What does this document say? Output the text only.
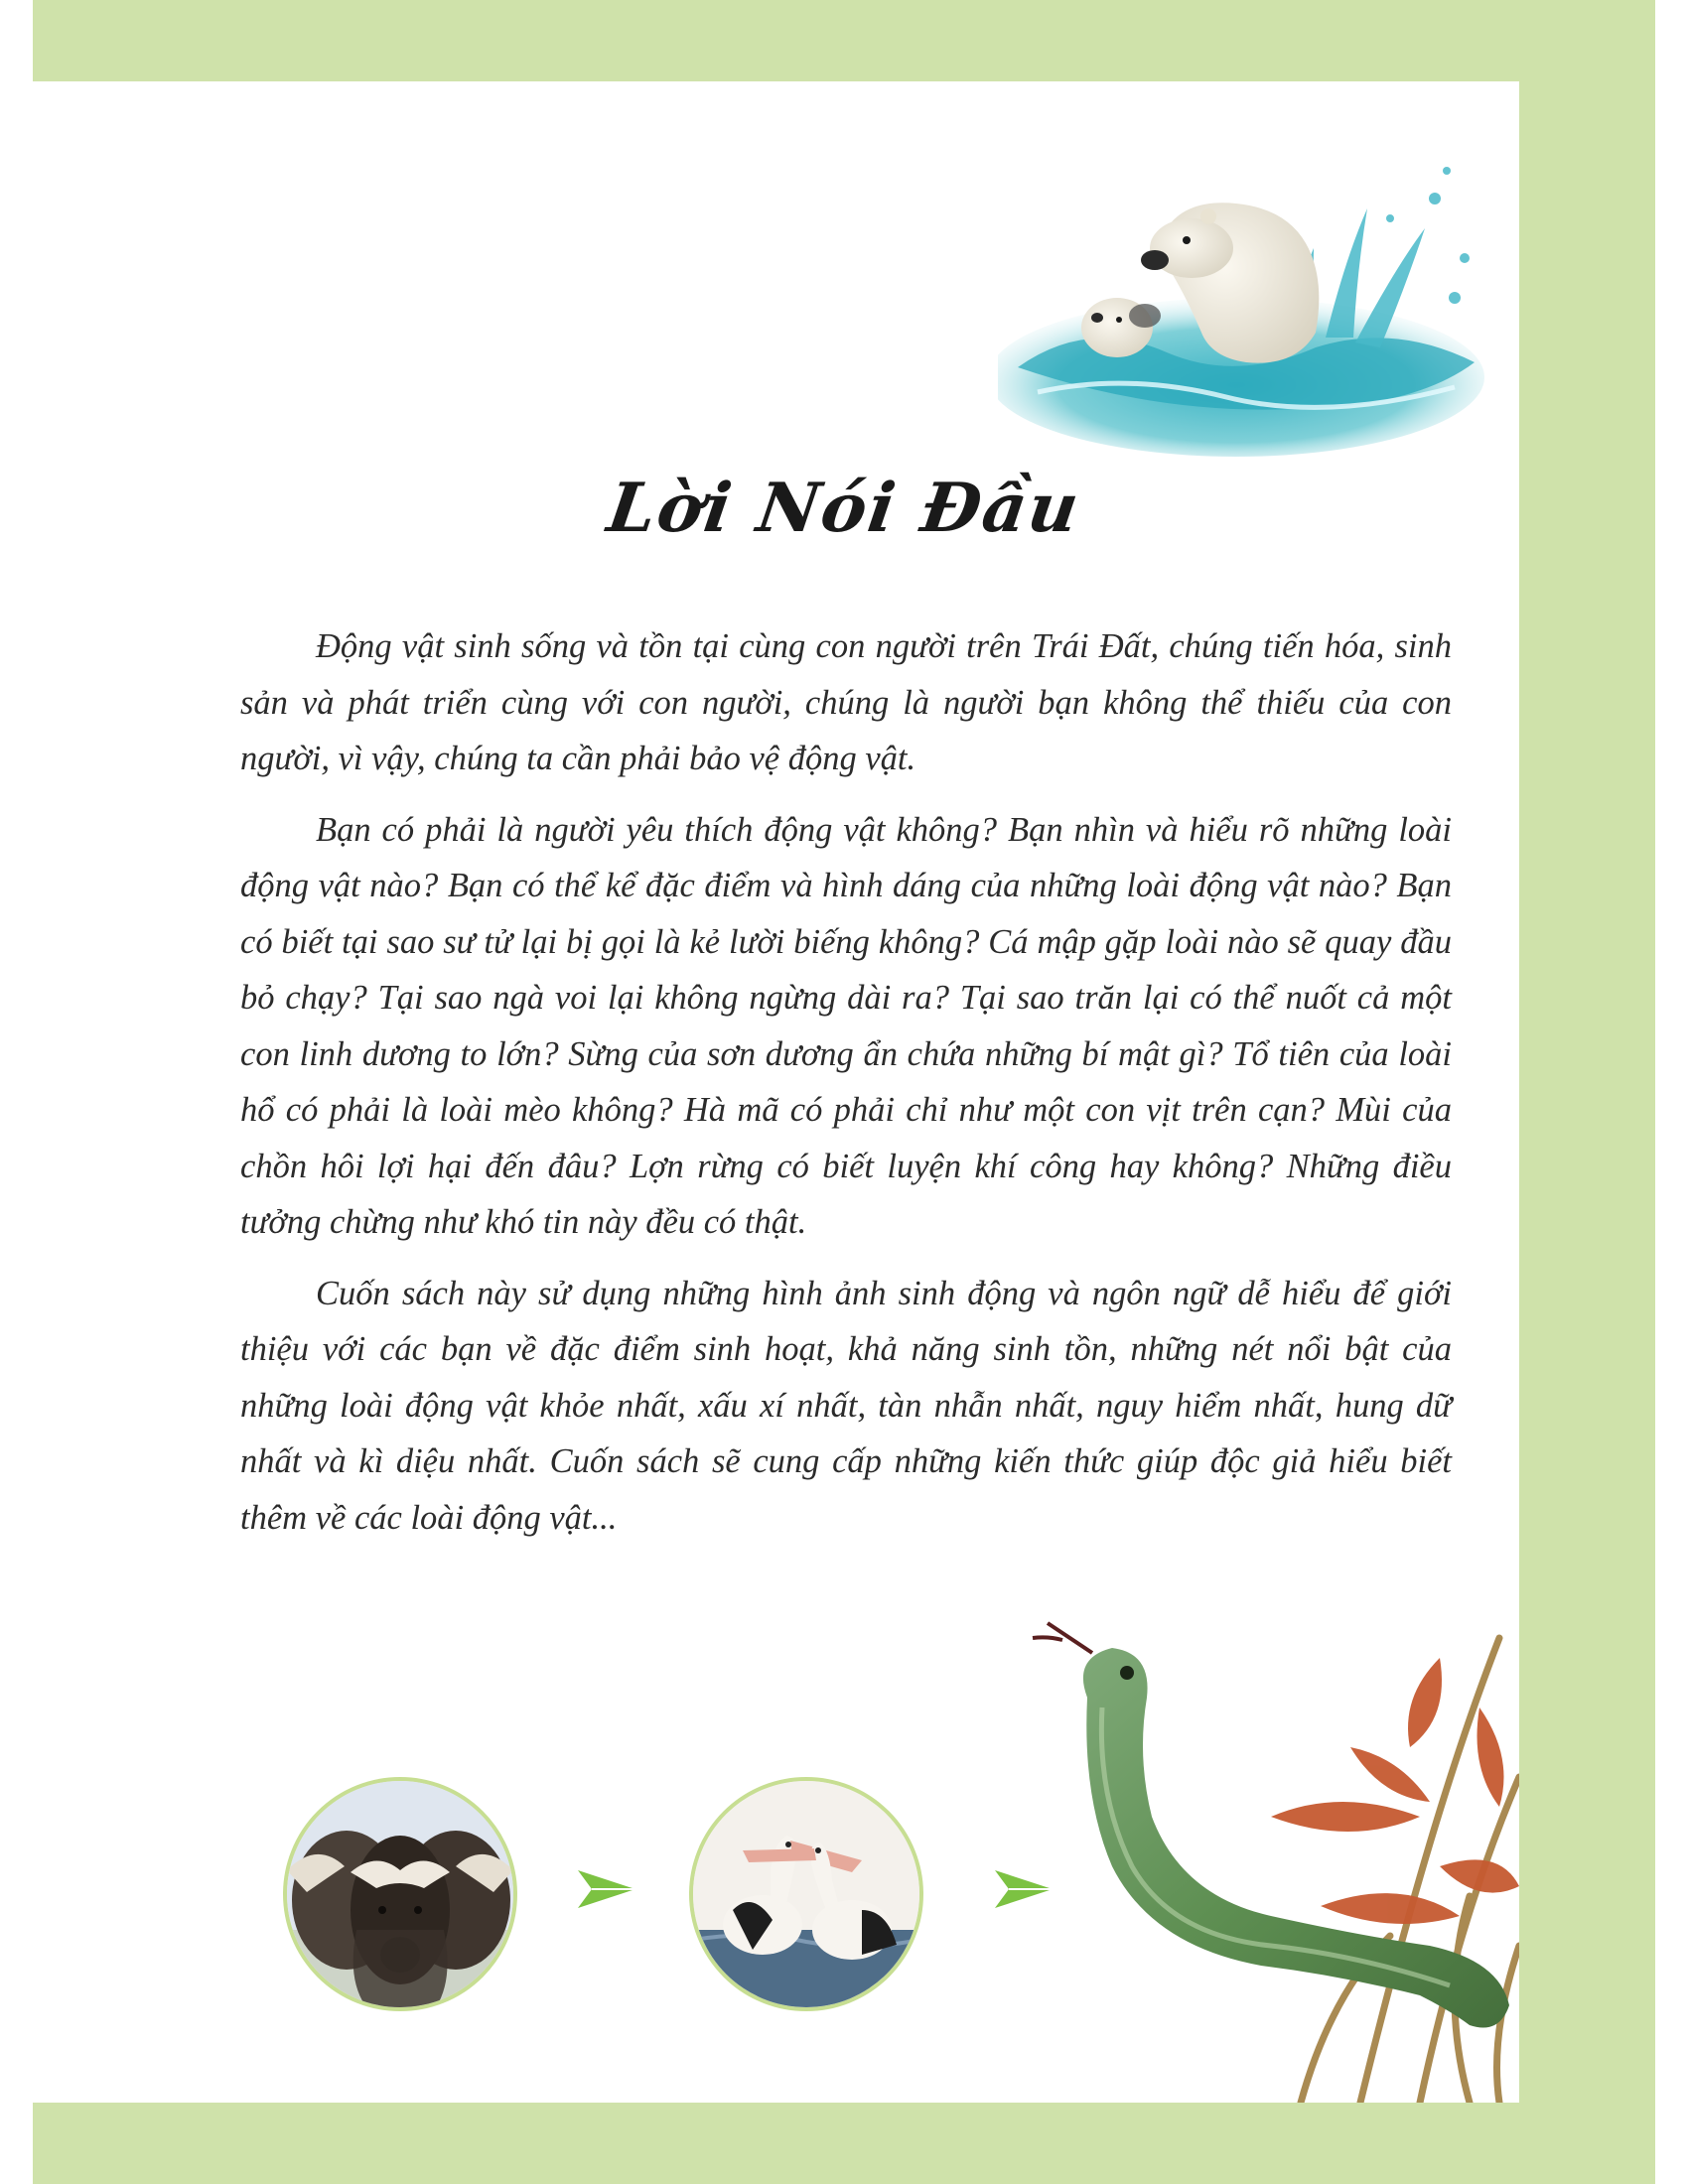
Lời Nói Đầu

Động vật sinh sống và tồn tại cùng con người trên Trái Đất, chúng tiến hóa, sinh sản và phát triển cùng với con người, chúng là người bạn không thể thiếu của con người, vì vậy, chúng ta cần phải bảo vệ động vật.

Bạn có phải là người yêu thích động vật không? Bạn nhìn và hiểu rõ những loài động vật nào? Bạn có thể kể đặc điểm và hình dáng của những loài động vật nào? Bạn có biết tại sao sư tử lại bị gọi là kẻ lười biếng không? Cá mập gặp loài nào sẽ quay đầu bỏ chạy? Tại sao ngà voi lại không ngừng dài ra? Tại sao trăn lại có thể nuốt cả một con linh dương to lớn? Sừng của sơn dương ẩn chứa những bí mật gì? Tổ tiên của loài hổ có phải là loài mèo không? Hà mã có phải chỉ như một con vịt trên cạn? Mùi của chồn hôi lợi hại đến đâu? Lợn rừng có biết luyện khí công hay không? Những điều tưởng chừng như khó tin này đều có thật.

Cuốn sách này sử dụng những hình ảnh sinh động và ngôn ngữ dễ hiểu để giới thiệu với các bạn về đặc điểm sinh hoạt, khả năng sinh tồn, những nét nổi bật của những loài động vật khỏe nhất, xấu xí nhất, tàn nhẫn nhất, nguy hiểm nhất, hung dữ nhất và kì diệu nhất. Cuốn sách sẽ cung cấp những kiến thức giúp độc giả hiểu biết thêm về các loài động vật...
